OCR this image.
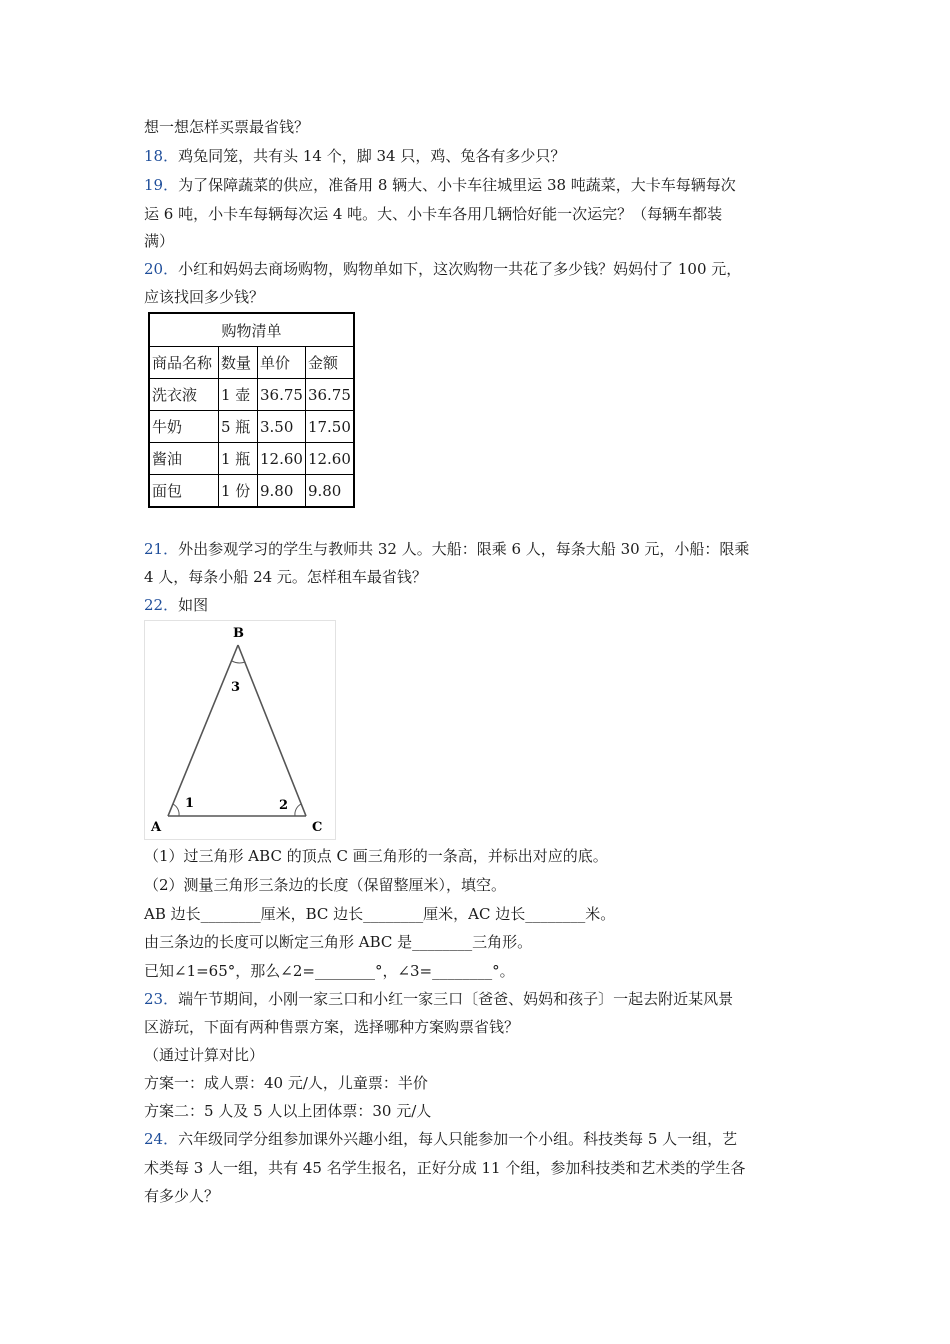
想一想怎样买票最省钱？
18．鸡兔同笼，共有头 14 个，脚 34 只，鸡、兔各有多少只？
19．为了保障蔬菜的供应，准备用 8 辆大、小卡车往城里运 38 吨蔬菜，大卡车每辆每次
运 6 吨，小卡车每辆每次运 4 吨。大、小卡车各用几辆恰好能一次运完？（每辆车都装
满）
20．小红和妈妈去商场购物，购物单如下，这次购物一共花了多少钱？妈妈付了 100 元，
应该找回多少钱？
购物清单			
商品名称	数量	单价	金额
洗衣液	1 壶	36.75	36.75
牛奶	5 瓶	3.50	17.50
酱油	1 瓶	12.60	12.60
面包	1 份	9.80	9.80
21．外出参观学习的学生与教师共 32 人。大船：限乘 6 人，每条大船 30 元，小船：限乘
4 人，每条小船 24 元。怎样租车最省钱？
22．如图
B
A	C
1	2
3
（1）过三角形 ABC 的顶点 C 画三角形的一条高，并标出对应的底。
（2）测量三角形三条边的长度（保留整厘米），填空。
AB 边长________厘米，BC 边长________厘米，AC 边长________米。
由三条边的长度可以断定三角形 ABC 是________三角形。
已知∠1=65°，那么∠2=________°，∠3=________°。
23．端午节期间，小刚一家三口和小红一家三口〔爸爸、妈妈和孩子〕一起去附近某风景
区游玩，下面有两种售票方案，选择哪种方案购票省钱？
（通过计算对比）
方案一：成人票：40 元/人，儿童票：半价
方案二：5 人及 5 人以上团体票：30 元/人
24．六年级同学分组参加课外兴趣小组，每人只能参加一个小组。科技类每 5 人一组，艺
术类每 3 人一组，共有 45 名学生报名，正好分成 11 个组，参加科技类和艺术类的学生各
有多少人？
